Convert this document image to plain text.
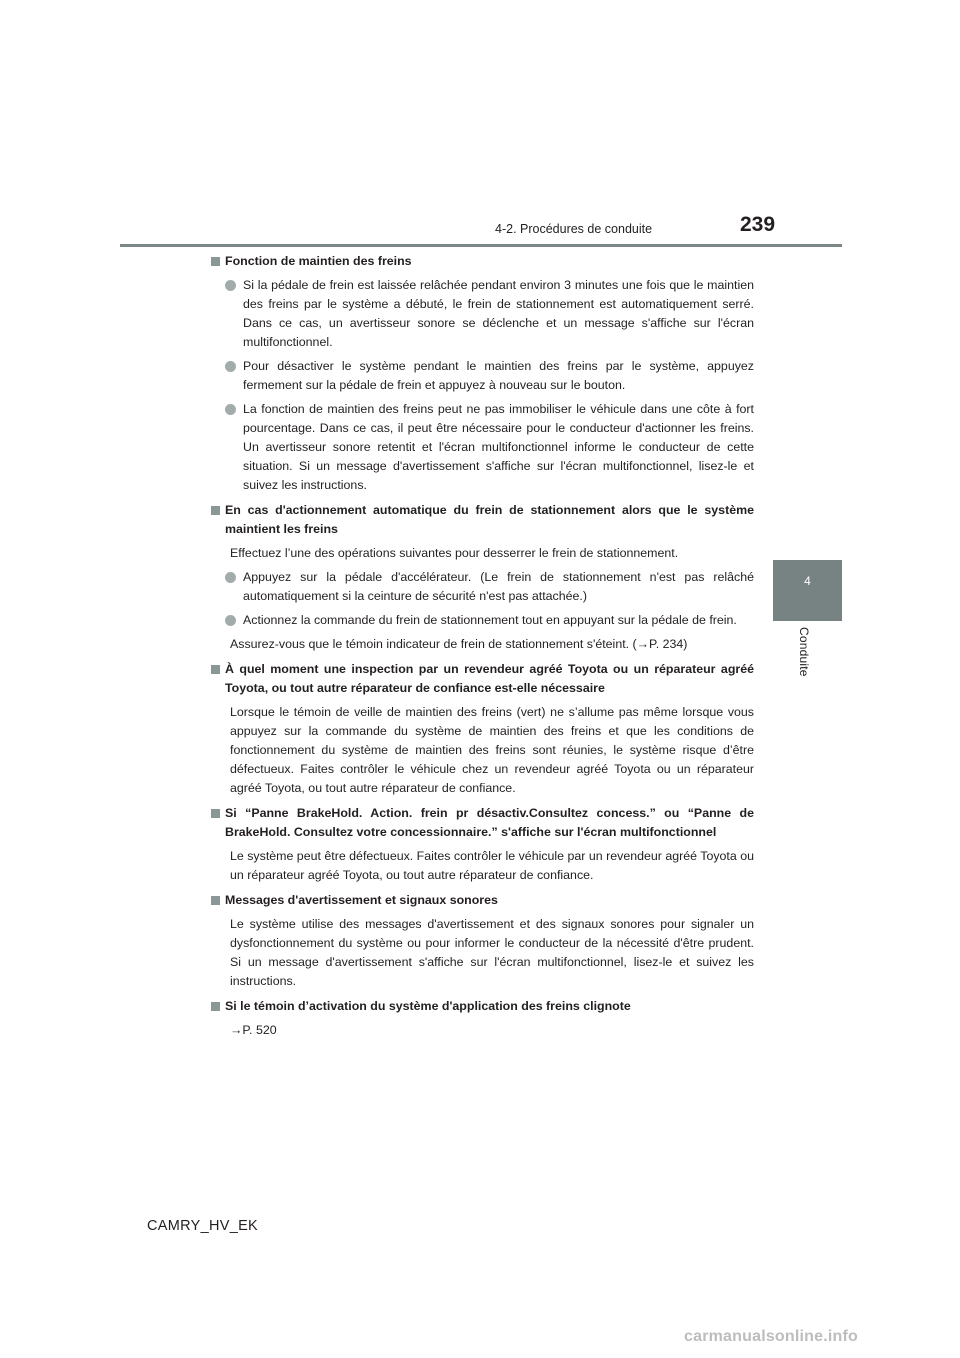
4-2. Procédures de conduite	239
4
Conduite
Fonction de maintien des freins
Si la pédale de frein est laissée relâchée pendant environ 3 minutes une fois que le maintien des freins par le système a débuté, le frein de stationnement est automatiquement serré. Dans ce cas, un avertisseur sonore se déclenche et un message s'affiche sur l'écran multifonctionnel.
Pour désactiver le système pendant le maintien des freins par le système, appuyez fermement sur la pédale de frein et appuyez à nouveau sur le bouton.
La fonction de maintien des freins peut ne pas immobiliser le véhicule dans une côte à fort pourcentage. Dans ce cas, il peut être nécessaire pour le conducteur d'actionner les freins. Un avertisseur sonore retentit et l'écran multifonctionnel informe le conducteur de cette situation. Si un message d'avertissement s'affiche sur l'écran multifonctionnel, lisez-le et suivez les instructions.
En cas d'actionnement automatique du frein de stationnement alors que le système maintient les freins
Effectuez l’une des opérations suivantes pour desserrer le frein de stationnement.
Appuyez sur la pédale d'accélérateur. (Le frein de stationnement n'est pas relâché automatiquement si la ceinture de sécurité n'est pas attachée.)
Actionnez la commande du frein de stationnement tout en appuyant sur la pédale de frein.
Assurez-vous que le témoin indicateur de frein de stationnement s'éteint. (→P. 234)
À quel moment une inspection par un revendeur agréé Toyota ou un réparateur agréé Toyota, ou tout autre réparateur de confiance est-elle nécessaire
Lorsque le témoin de veille de maintien des freins (vert) ne s’allume pas même lorsque vous appuyez sur la commande du système de maintien des freins et que les conditions de fonctionnement du système de maintien des freins sont réunies, le système risque d’être défectueux. Faites contrôler le véhicule chez un revendeur agréé Toyota ou un réparateur agréé Toyota, ou tout autre réparateur de confiance.
Si “Panne BrakeHold. Action. frein pr désactiv.Consultez concess.” ou “Panne de BrakeHold. Consultez votre concessionnaire.” s'affiche sur l'écran multifonctionnel
Le système peut être défectueux. Faites contrôler le véhicule par un revendeur agréé Toyota ou un réparateur agréé Toyota, ou tout autre réparateur de confiance.
Messages d'avertissement et signaux sonores
Le système utilise des messages d'avertissement et des signaux sonores pour signaler un dysfonctionnement du système ou pour informer le conducteur de la nécessité d'être prudent. Si un message d'avertissement s'affiche sur l'écran multifonctionnel, lisez-le et suivez les instructions.
Si le témoin d’activation du système d'application des freins clignote
→P. 520
CAMRY_HV_EK
carmanualsonline.info
